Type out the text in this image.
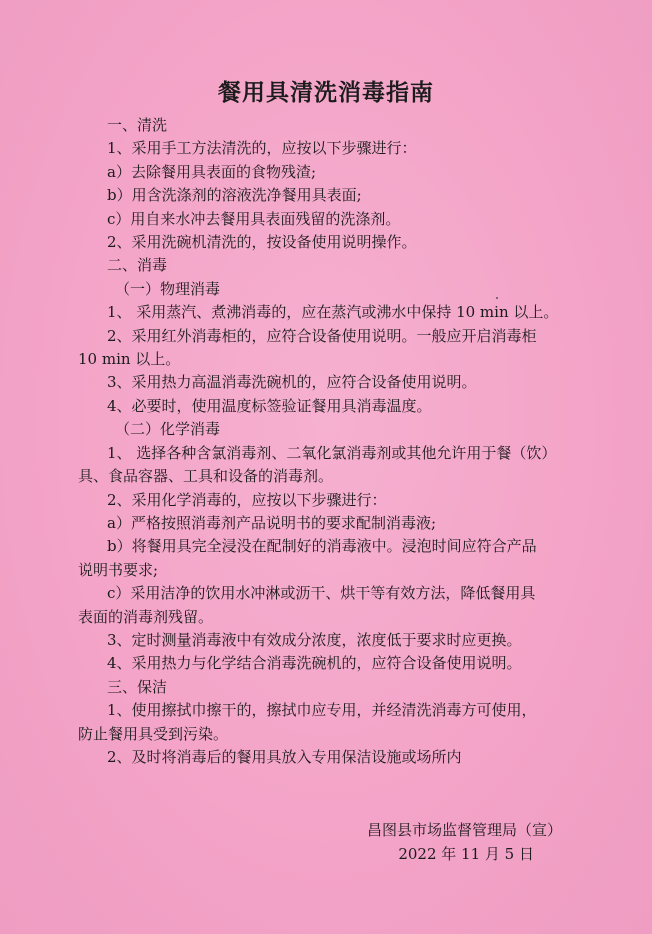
餐用具清洗消毒指南
一、清洗
1、采用手工方法清洗的，应按以下步骤进行：
a）去除餐用具表面的食物残渣;
b）用含洗涤剂的溶液洗净餐用具表面;
c）用自来水冲去餐用具表面残留的洗涤剂。
2、采用洗碗机清洗的，按设备使用说明操作。
二、消毒
（一）物理消毒
1、 采用蒸汽、煮沸消毒的，应在蒸汽或沸水中保持 10 min 以上。
2、采用红外消毒柜的，应符合设备使用说明。一般应开启消毒柜
10 min 以上。
3、采用热力高温消毒洗碗机的，应符合设备使用说明。
4、必要时，使用温度标签验证餐用具消毒温度。
（二）化学消毒
1、 选择各种含氯消毒剂、二氧化氯消毒剂或其他允许用于餐（饮）
具、食品容器、工具和设备的消毒剂。
2、采用化学消毒的，应按以下步骤进行：
a）严格按照消毒剂产品说明书的要求配制消毒液;
b）将餐用具完全浸没在配制好的消毒液中。浸泡时间应符合产品
说明书要求;
c）采用洁净的饮用水冲淋或沥干、烘干等有效方法，降低餐用具
表面的消毒剂残留。
3、定时测量消毒液中有效成分浓度，浓度低于要求时应更换。
4、采用热力与化学结合消毒洗碗机的，应符合设备使用说明。
三、保洁
1、使用擦拭巾擦干的，擦拭巾应专用，并经清洗消毒方可使用，
防止餐用具受到污染。
2、及时将消毒后的餐用具放入专用保洁设施或场所内
昌图县市场监督管理局（宣）
2022 年 11 月 5 日
